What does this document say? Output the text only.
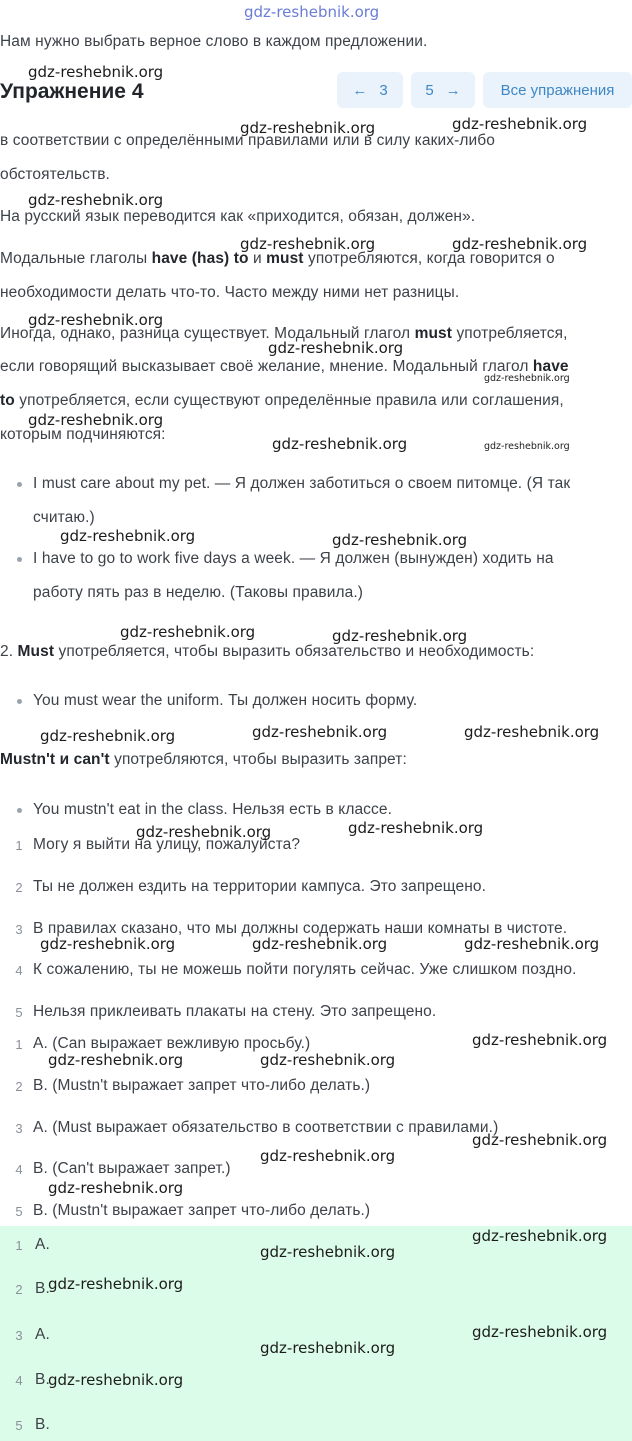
gdz-reshebnik.org
Нам нужно выбрать верное слово в каждом предложении.
Упражнение 4	← 3	5 →	Все упражнения
в соответствии с определёнными правилами или в силу каких-либо
обстоятельств.
На русский язык переводится как «приходится, обязан, должен».
Модальные глаголы have (has) to и must употребляются, когда говорится о
необходимости делать что-то. Часто между ними нет разницы.
Иногда, однако, разница существует. Модальный глагол must употребляется,
если говорящий высказывает своё желание, мнение. Модальный глагол have
to употребляется, если существуют определённые правила или соглашения,
которым подчиняются:
I must care about my pet. — Я должен заботиться о своем питомце. (Я так
считаю.)
I have to go to work five days a week. — Я должен (вынужден) ходить на
работу пять раз в неделю. (Таковы правила.)
2. Must употребляется, чтобы выразить обязательство и необходимость:
You must wear the uniform. Ты должен носить форму.
Mustn't и can't употребляются, чтобы выразить запрет:
You mustn't eat in the class. Нельзя есть в классе.
1 Могу я выйти на улицу, пожалуйста?
2 Ты не должен ездить на территории кампуса. Это запрещено.
3 В правилах сказано, что мы должны содержать наши комнаты в чистоте.
4 К сожалению, ты не можешь пойти погулять сейчас. Уже слишком поздно.
5 Нельзя приклеивать плакаты на стену. Это запрещено.
1 A. (Can выражает вежливую просьбу.)
2 B. (Mustn't выражает запрет что-либо делать.)
3 A. (Must выражает обязательство в соответствии с правилами.)
4 B. (Can't выражает запрет.)
5 B. (Mustn't выражает запрет что-либо делать.)
1 A.
2 B.
3 A.
4 B.
5 B.
gdz-reshebnik.org
gdz-reshebnik.org	gdz-reshebnik.org
gdz-reshebnik.org
gdz-reshebnik.org	gdz-reshebnik.org
gdz-reshebnik.org
gdz-reshebnik.org
gdz-reshebnik.org
gdz-reshebnik.org
gdz-reshebnik.org	gdz-reshebnik.org
gdz-reshebnik.org	gdz-reshebnik.org
gdz-reshebnik.org	gdz-reshebnik.org
gdz-reshebnik.org	gdz-reshebnik.org	gdz-reshebnik.org
gdz-reshebnik.org	gdz-reshebnik.org
gdz-reshebnik.org	gdz-reshebnik.org	gdz-reshebnik.org
gdz-reshebnik.org	gdz-reshebnik.org
gdz-reshebnik.org
gdz-reshebnik.org
gdz-reshebnik.org
gdz-reshebnik.org
gdz-reshebnik.org
gdz-reshebnik.org
gdz-reshebnik.org
gdz-reshebnik.org
gdz-reshebnik.org
gdz-reshebnik.org
